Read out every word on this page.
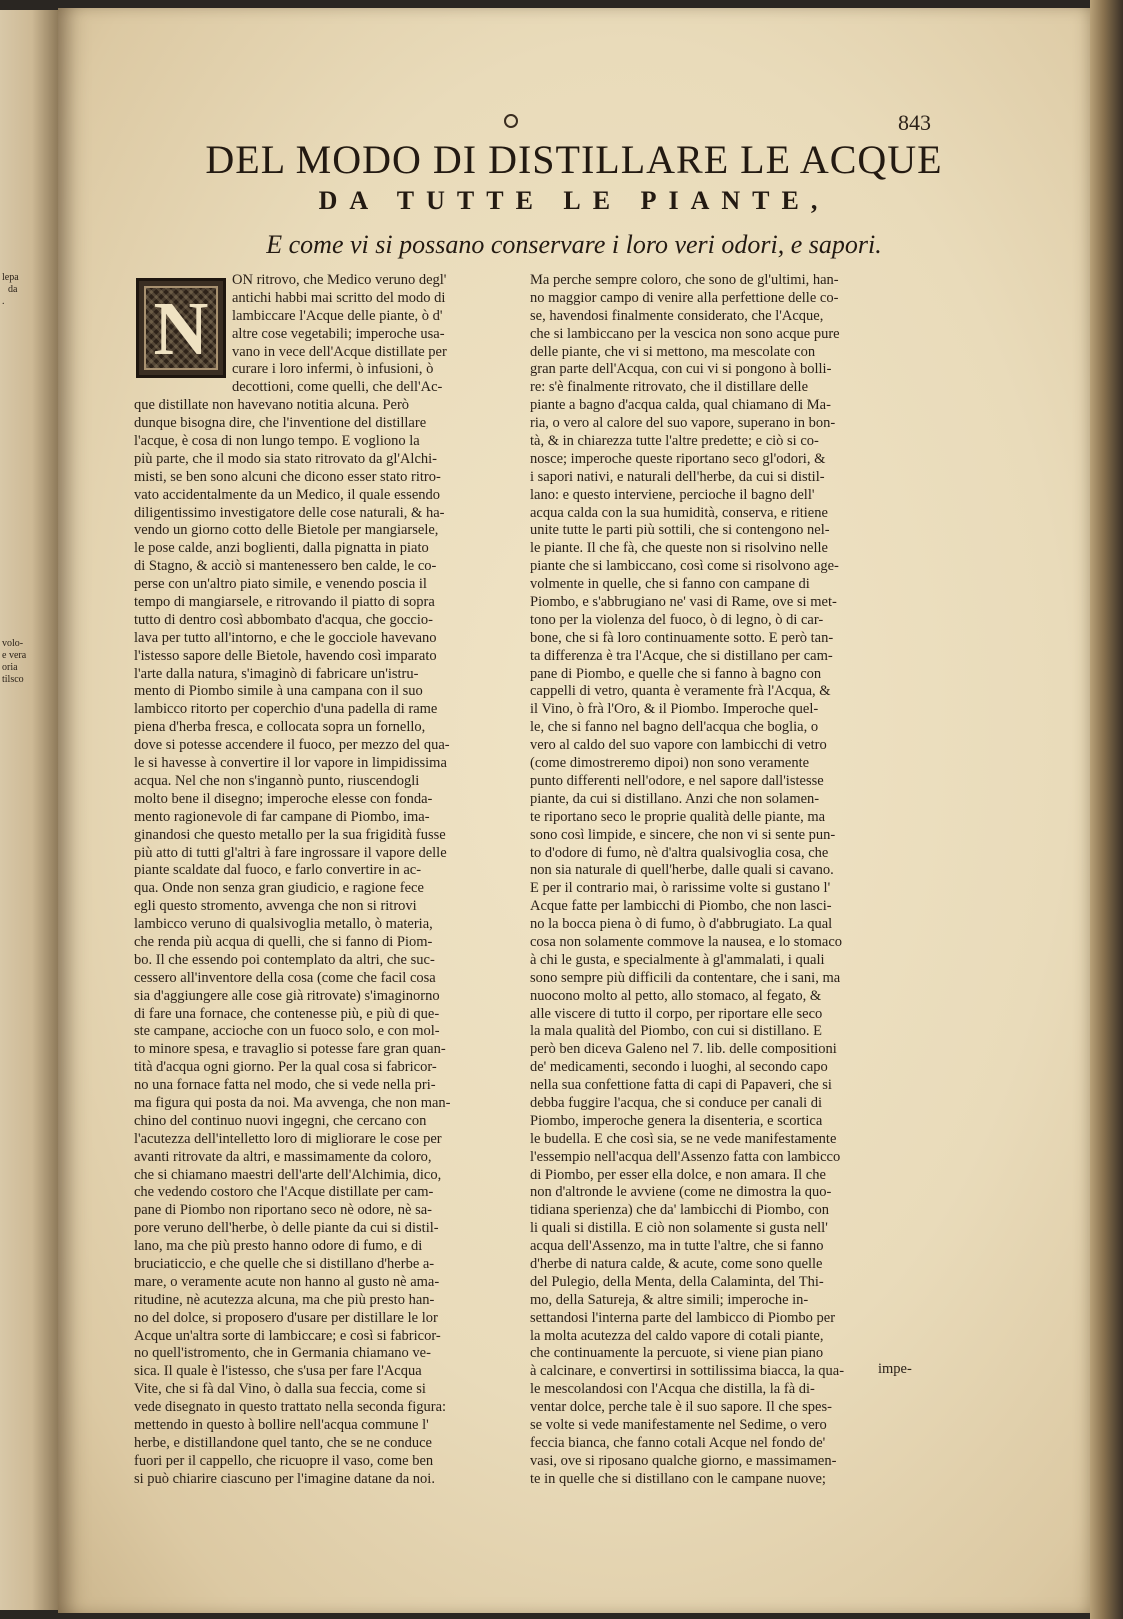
lepa
da
.
volo-
e vera
oria
tilsco
843
DEL MODO DI DISTILLARE LE ACQUE
DA TUTTE LE PIANTE,
E come vi si possano conservare i loro veri odori, e sapori.
N
ON ritrovo, che Medico veruno degl'
antichi habbi mai scritto del modo di
lambiccare l'Acque delle piante, ò d'
altre cose vegetabili; imperoche usa-
vano in vece dell'Acque distillate per
curare i loro infermi, ò infusioni, ò
decottioni, come quelli, che dell'Ac-
que distillate non havevano notitia alcuna. Però
dunque bisogna dire, che l'inventione del distillare
l'acque, è cosa di non lungo tempo. E vogliono la
più parte, che il modo sia stato ritrovato da gl'Alchi-
misti, se ben sono alcuni che dicono esser stato ritro-
vato accidentalmente da un Medico, il quale essendo
diligentissimo investigatore delle cose naturali, & ha-
vendo un giorno cotto delle Bietole per mangiarsele,
le pose calde, anzi boglienti, dalla pignatta in piato
di Stagno, & acciò si mantenessero ben calde, le co-
perse con un'altro piato simile, e venendo poscia il
tempo di mangiarsele, e ritrovando il piatto di sopra
tutto di dentro così abbombato d'acqua, che gocciо-
lava per tutto all'intorno, e che le gocciole havevano
l'istesso sapore delle Bietole, havendo così imparato
l'arte dalla natura, s'imaginò di fabricare un'istru-
mento di Piombo simile à una campana con il suo
lambicco ritorto per coperchio d'una padella di rame
piena d'herba fresca, e collocata sopra un fornello,
dove si potesse accendere il fuoco, per mezzo del qua-
le si havesse à convertire il lor vapore in limpidissima
acqua. Nel che non s'ingannò punto, riuscendogli
molto bene il disegno; imperoche elesse con fonda-
mento ragionevole di far campane di Piombo, ima-
ginandosi che questo metallo per la sua frigidità fusse
più atto di tutti gl'altri à fare ingrossare il vapore delle
piante scaldate dal fuoco, e farlo convertire in ac-
qua. Onde non senza gran giudicio, e ragione fece
egli questo stromento, avvenga che non si ritrovi
lambicco veruno di qualsivoglia metallo, ò materia,
che renda più acqua di quelli, che si fanno di Piom-
bo. Il che essendo poi contemplato da altri, che suc-
cessero all'inventore della cosa (come che facil cosa
sia d'aggiungere alle cose già ritrovate) s'imaginorno
di fare una fornace, che contenesse più, e più di que-
ste campane, accioche con un fuoco solo, e con mol-
to minore spesa, e travaglio si potesse fare gran quan-
tità d'acqua ogni giorno. Per la qual cosa si fabricor-
no una fornace fatta nel modo, che si vede nella pri-
ma figura qui posta da noi. Ma avvenga, che non man-
chino del continuo nuovi ingegni, che cercano con
l'acutezza dell'intelletto loro di migliorare le cose per
avanti ritrovate da altri, e massimamente da coloro,
che si chiamano maestri dell'arte dell'Alchimia, dico,
che vedendo costoro che l'Acque distillate per cam-
pane di Piombo non riportano seco nè odore, nè sa-
pore veruno dell'herbe, ò delle piante da cui si distil-
lano, ma che più presto hanno odore di fumo, e di
bruciaticcio, e che quelle che si distillano d'herbe a-
mare, o veramente acute non hanno al gusto nè ama-
ritudine, nè acutezza alcuna, ma che più presto han-
no del dolce, si proposero d'usare per distillare le lor
Acque un'altra sorte di lambiccare; e così si fabricor-
no quell'istromento, che in Germania chiamano ve-
sica. Il quale è l'istesso, che s'usa per fare l'Acqua
Vite, che si fà dal Vino, ò dalla sua feccia, come si
vede disegnato in questo trattato nella seconda figura:
mettendo in questo à bollire nell'acqua commune l'
herbe, e distillandone quel tanto, che se ne conduce
fuori per il cappello, che ricuopre il vaso, come ben
si può chiarire ciascuno per l'imagine datane da noi.
Ma perche sempre coloro, che sono de gl'ultimi, han-
no maggior campo di venire alla perfettione delle co-
se, havendosi finalmente considerato, che l'Acque,
che si lambiccano per la vescica non sono acque pure
delle piante, che vi si mettono, ma mescolate con
gran parte dell'Acqua, con cui vi si pongono à bolli-
re: s'è finalmente ritrovato, che il distillare delle
piante a bagno d'acqua calda, qual chiamano di Ma-
ria, o vero al calore del suo vapore, superano in bon-
tà, & in chiarezza tutte l'altre predette; e ciò si co-
nosce; imperoche queste riportano seco gl'odori, &
i sapori nativi, e naturali dell'herbe, da cui si distil-
lano: e questo interviene, percioche il bagno dell'
acqua calda con la sua humidità, conserva, e ritiene
unite tutte le parti più sottili, che si contengono nel-
le piante. Il che fà, che queste non si risolvino nelle
piante che si lambiccano, così come si risolvono age-
volmente in quelle, che si fanno con campane di
Piombo, e s'abbrugiano ne' vasi di Rame, ove si met-
tono per la violenza del fuoco, ò di legno, ò di car-
bone, che si fà loro continuamente sotto. E però tan-
ta differenza è tra l'Acque, che si distillano per cam-
pane di Piombo, e quelle che si fanno à bagno con
cappelli di vetro, quanta è veramente frà l'Acqua, &
il Vino, ò frà l'Oro, & il Piombo. Imperoche quel-
le, che si fanno nel bagno dell'acqua che boglia, o
vero al caldo del suo vapore con lambicchi di vetro
(come dimostreremo dipoi) non sono veramente
punto differenti nell'odore, e nel sapore dall'istesse
piante, da cui si distillano. Anzi che non solamen-
te riportano seco le proprie qualità delle piante, ma
sono così limpide, e sincere, che non vi si sente pun-
to d'odore di fumo, nè d'altra qualsivoglia cosa, che
non sia naturale di quell'herbe, dalle quali si cavano.
E per il contrario mai, ò rarissime volte si gustano l'
Acque fatte per lambicchi di Piombo, che non lasci-
no la bocca piena ò di fumo, ò d'abbrugiato. La qual
cosa non solamente commove la nausea, e lo stomaco
à chi le gusta, e specialmente à gl'ammalati, i quali
sono sempre più difficili da contentare, che i sani, ma
nuocono molto al petto, allo stomaco, al fegato, &
alle viscere di tutto il corpo, per riportare elle seco
la mala qualità del Piombo, con cui si distillano. E
però ben diceva Galeno nel 7. lib. delle compositioni
de' medicamenti, secondo i luoghi, al secondo capo
nella sua confettione fatta di capi di Papaveri, che si
debba fuggire l'acqua, che si conduce per canali di
Piombo, imperoche genera la disenteria, e scortica
le budella. E che così sia, se ne vede manifestamente
l'essempio nell'acqua dell'Assenzo fatta con lambicco
di Piombo, per esser ella dolce, e non amara. Il che
non d'altronde le avviene (come ne dimostra la quo-
tidiana sperienza) che da' lambicchi di Piombo, con
li quali si distilla. E ciò non solamente si gusta nell'
acqua dell'Assenzo, ma in tutte l'altre, che si fanno
d'herbe di natura calde, & acute, come sono quelle
del Pulegio, della Menta, della Calaminta, del Thi-
mo, della Satureja, & altre simili; imperoche in-
settandosi l'interna parte del lambicco di Piombo per
la molta acutezza del caldo vapore di cotali piante,
che continuamente la percuote, si viene pian piano
à calcinare, e convertirsi in sottilissima biacca, la qua-
le mescolandosi con l'Acqua che distilla, la fà di-
ventar dolce, perche tale è il suo sapore. Il che spes-
se volte si vede manifestamente nel Sedime, o vero
feccia bianca, che fanno cotali Acque nel fondo de'
vasi, ove si riposano qualche giorno, e massimamen-
te in quelle che si distillano con le campane nuove;
impe-
